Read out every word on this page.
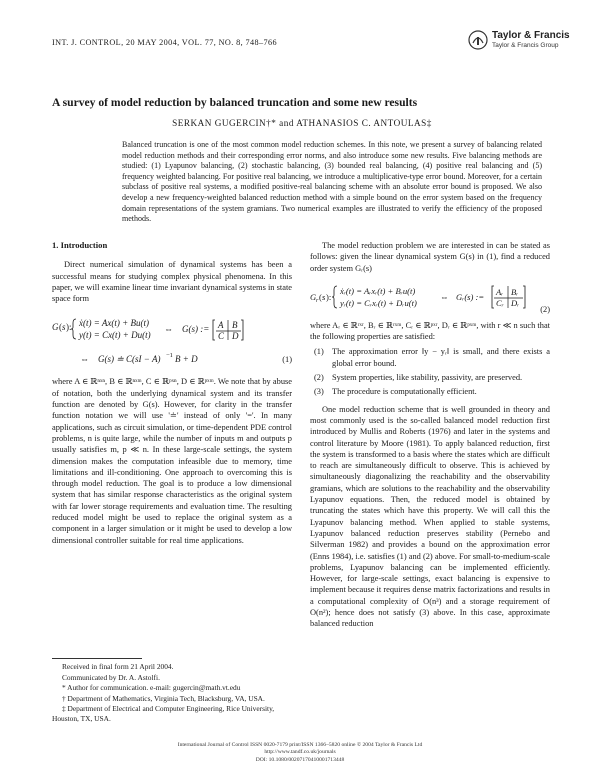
INT. J. CONTROL, 20 MAY 2004, VOL. 77, NO. 8, 748–766
Taylor & Francis
Taylor & Francis Group
A survey of model reduction by balanced truncation and some new results
SERKAN GUGERCIN†* and ATHANASIOS C. ANTOULAS‡
Balanced truncation is one of the most common model reduction schemes. In this note, we present a survey of balancing related model reduction methods and their corresponding error norms, and also introduce some new results. Five balancing methods are studied: (1) Lyapunov balancing, (2) stochastic balancing, (3) bounded real balancing, (4) positive real balancing and (5) frequency weighted balancing. For positive real balancing, we introduce a multiplicative-type error bound. Moreover, for a certain subclass of positive real systems, a modified positive-real balancing scheme with an absolute error bound is proposed. We also develop a new frequency-weighted balanced reduction method with a simple bound on the error system based on the frequency domain representations of the system gramians. Two numerical examples are illustrated to verify the efficiency of the proposed methods.

1. Introduction

Direct numerical simulation of dynamical systems has been a successful means for studying complex physical phenomena. In this paper, we will examine linear time invariant dynamical systems in state space form

G ( s ): ẋ(t) = Ax(t) + Bu(t)
y(t) = Cx(t) + Du(t)
⇔ G(s) := A B
C D
⇔ G(s) ≐ C(sI − A) −1 B + D	(1)

where A ∈ ℝⁿˣⁿ, B ∈ ℝⁿˣᵐ, C ∈ ℝᵖˣⁿ, D ∈ ℝᵖˣᵐ. We note that by abuse of notation, both the underlying dynamical system and its transfer function are denoted by G(s). However, for clarity in the transfer function notation we will use '≐' instead of only '='. In many applications, such as circuit simulation, or time-dependent PDE control problems, n is quite large, while the number of inputs m and outputs p usually satisfies m, p ≪ n. In these large-scale settings, the system dimension makes the computation infeasible due to memory, time limitations and ill-conditioning. One approach to overcoming this is through model reduction. The goal is to produce a low dimensional system that has similar response characteristics as the original system with far lower storage requirements and evaluation time. The resulting reduced model might be used to replace the original system as a component in a larger simulation or it might be used to develop a low dimensional controller suitable for real time applications.

The model reduction problem we are interested in can be stated as follows: given the linear dynamical system G(s) in (1), find a reduced order system Gᵣ(s)

G r ( s ):
ẋᵣ(t) = Aᵣxᵣ(t) + Bᵣu(t)
yᵣ(t) = Cᵣxᵣ(t) + Dᵣu(t)
⇔ Gᵣ(s) := Aᵣ Bᵣ
Cᵣ Dᵣ
(2)

where Aᵣ ∈ ℝʳˣʳ, Bᵣ ∈ ℝʳˣᵐ, Cᵣ ∈ ℝᵖˣʳ, Dᵣ ∈ ℝᵖˣᵐ, with r ≪ n such that the following properties are satisfied:

(1) The approximation error ‖y − yᵣ‖ is small, and there exists a global error bound.
(2) System properties, like stability, passivity, are preserved.
(3) The procedure is computationally efficient.

One model reduction scheme that is well grounded in theory and most commonly used is the so-called balanced model reduction first introduced by Mullis and Roberts (1976) and later in the systems and control literature by Moore (1981). To apply balanced reduction, first the system is transformed to a basis where the states which are difficult to reach are simultaneously difficult to observe. This is achieved by simultaneously diagonalizing the reachability and the observability gramians, which are solutions to the reachability and the observability Lyapunov equations. Then, the reduced model is obtained by truncating the states which have this property. We will call this the Lyapunov balancing method. When applied to stable systems, Lyapunov balanced reduction preserves stability (Pernebo and Silverman 1982) and provides a bound on the approximation error (Enns 1984), i.e. satisfies (1) and (2) above. For small-to-medium-scale problems, Lyapunov balancing can be implemented efficiently. However, for large-scale settings, exact balancing is expensive to implement because it requires dense matrix factorizations and results in a computational complexity of O(n³) and a storage requirement of O(n²); hence does not satisfy (3) above. In this case, approximate balanced reduction

Received in final form 21 April 2004.

Communicated by Dr. A. Astolfi.

* Author for communication. e-mail: gugercin@math.vt.edu

† Department of Mathematics, Virginia Tech, Blacksburg, VA, USA.

‡ Department of Electrical and Computer Engineering, Rice University, Houston, TX, USA.

International Journal of Control ISSN 0020-7179 print/ISSN 1366–5820 online © 2004 Taylor & Francis Ltd
http://www.tandf.co.uk/journals
DOI: 10.1080/00207170410001713448
